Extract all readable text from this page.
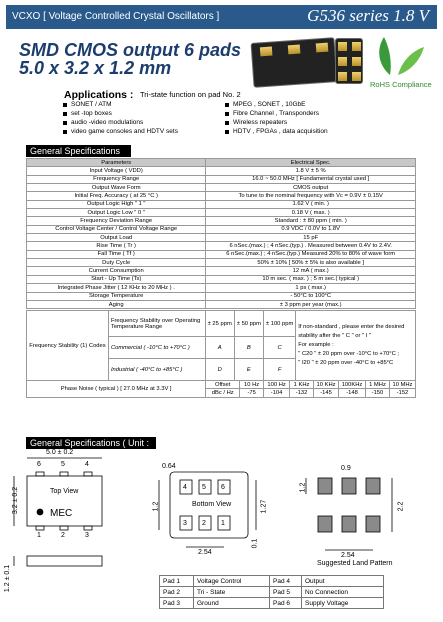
VCXO [ Voltage Controlled Crystal Oscillators ]	G536 series 1.8 V
SMD CMOS output 6 pads
5.0 x 3.2 x 1.2 mm
RoHS Compliance
Applications : Tri-state function on pad No. 2
SONET / ATM
set -top boxes
audio -video modulations
video game consoles and HDTV sets
MPEG , SONET , 10GbE
Fibre Channel , Transponders
Wireless repeaters
HDTV , FPGAs , data acquisition
General Specifications
Parameters	Electrical Spec.
Input Voltage ( VDD)	1.8 V ± 5 %
Frequency Range	16.0 ~ 50.0 MHz [ Fundamental crystal used ]
Output Wave Form	CMOS output
Initial Freq. Accuracy ( at 25 °C )	To tune to the nominal frequency with Vc = 0.9V ± 0.15V
Output Logic High " 1 "	1.62 V ( min. )
Output Logic Low " 0 "	0.18 V ( max. )
Frequency Deviation Range	Standard : ± 80 ppm ( min. )
Control Voltage Center / Control Voltage Range	0.9 VDC / 0.0V to 1.8V
Output Load	15 pF
Rise Time ( Tr )	6 nSec.(max.) ; 4 nSec.(typ.) . Measured between 0.4V to 2.4V.
Fall Time ( Tf )	6 nSec.(max.) ; 4 nSec.(typ.) Measured 20% to 80% of wave form
Duty Cycle	50% ± 10% [ 50% ± 5% is also available ]
Current Consumption	12 mA ( max.)
Start - Up Time (Ts)	10 m sec. ( max. ) ; 5 m sec.( typical )
Integrated Phase Jitter ( 12 KHz to 20 MHz ) .	1 ps ( max.)
Storage Temperature	- 50°C to 100°C
Aging	± 3 ppm per year (max.)
Frequency Stability (1) Codes	Frequency Stability over Operating Temperature Range	± 25 ppm	± 50 ppm	± 100 ppm	If non-standard , please enter the desired stability after the " C " or " I "
For example :
" C20 " ± 20 ppm over -10°C to +70°C ;
" I20 " ± 20 ppm over -40°C to +85°C

	Commercial ( -10°C to +70°C )	A	B	C	
	Industrial ( -40°C to +85°C )	D	E	F	
Phase Noise ( typical ) [ 27.0 MHz at 3.3V ]	Offset	10 Hz	100 Hz	1 KHz	10 KHz	100KHz	1 MHz	10 MHz
	dBc / Hz	-75	-104	-132	-145	-148	-150	-152
General Specifications ( Unit : mm )
5.0 ± 0.2
3.2 ± 0.2	Top View
MEC
6	5	4
1	2	3
1.2 ± 0.1
0.64
Bottom View
4 5 6
3 2 1
1.2	1.27
2.54
0.1
0.9
1.2
2.2
2.54
Suggested Land Pattern
Pad 1	Voltage Control	Pad 4	Output
Pad 2	Tri - State	Pad 5	No Connection
Pad 3	Ground	Pad 6	Supply Voltage
